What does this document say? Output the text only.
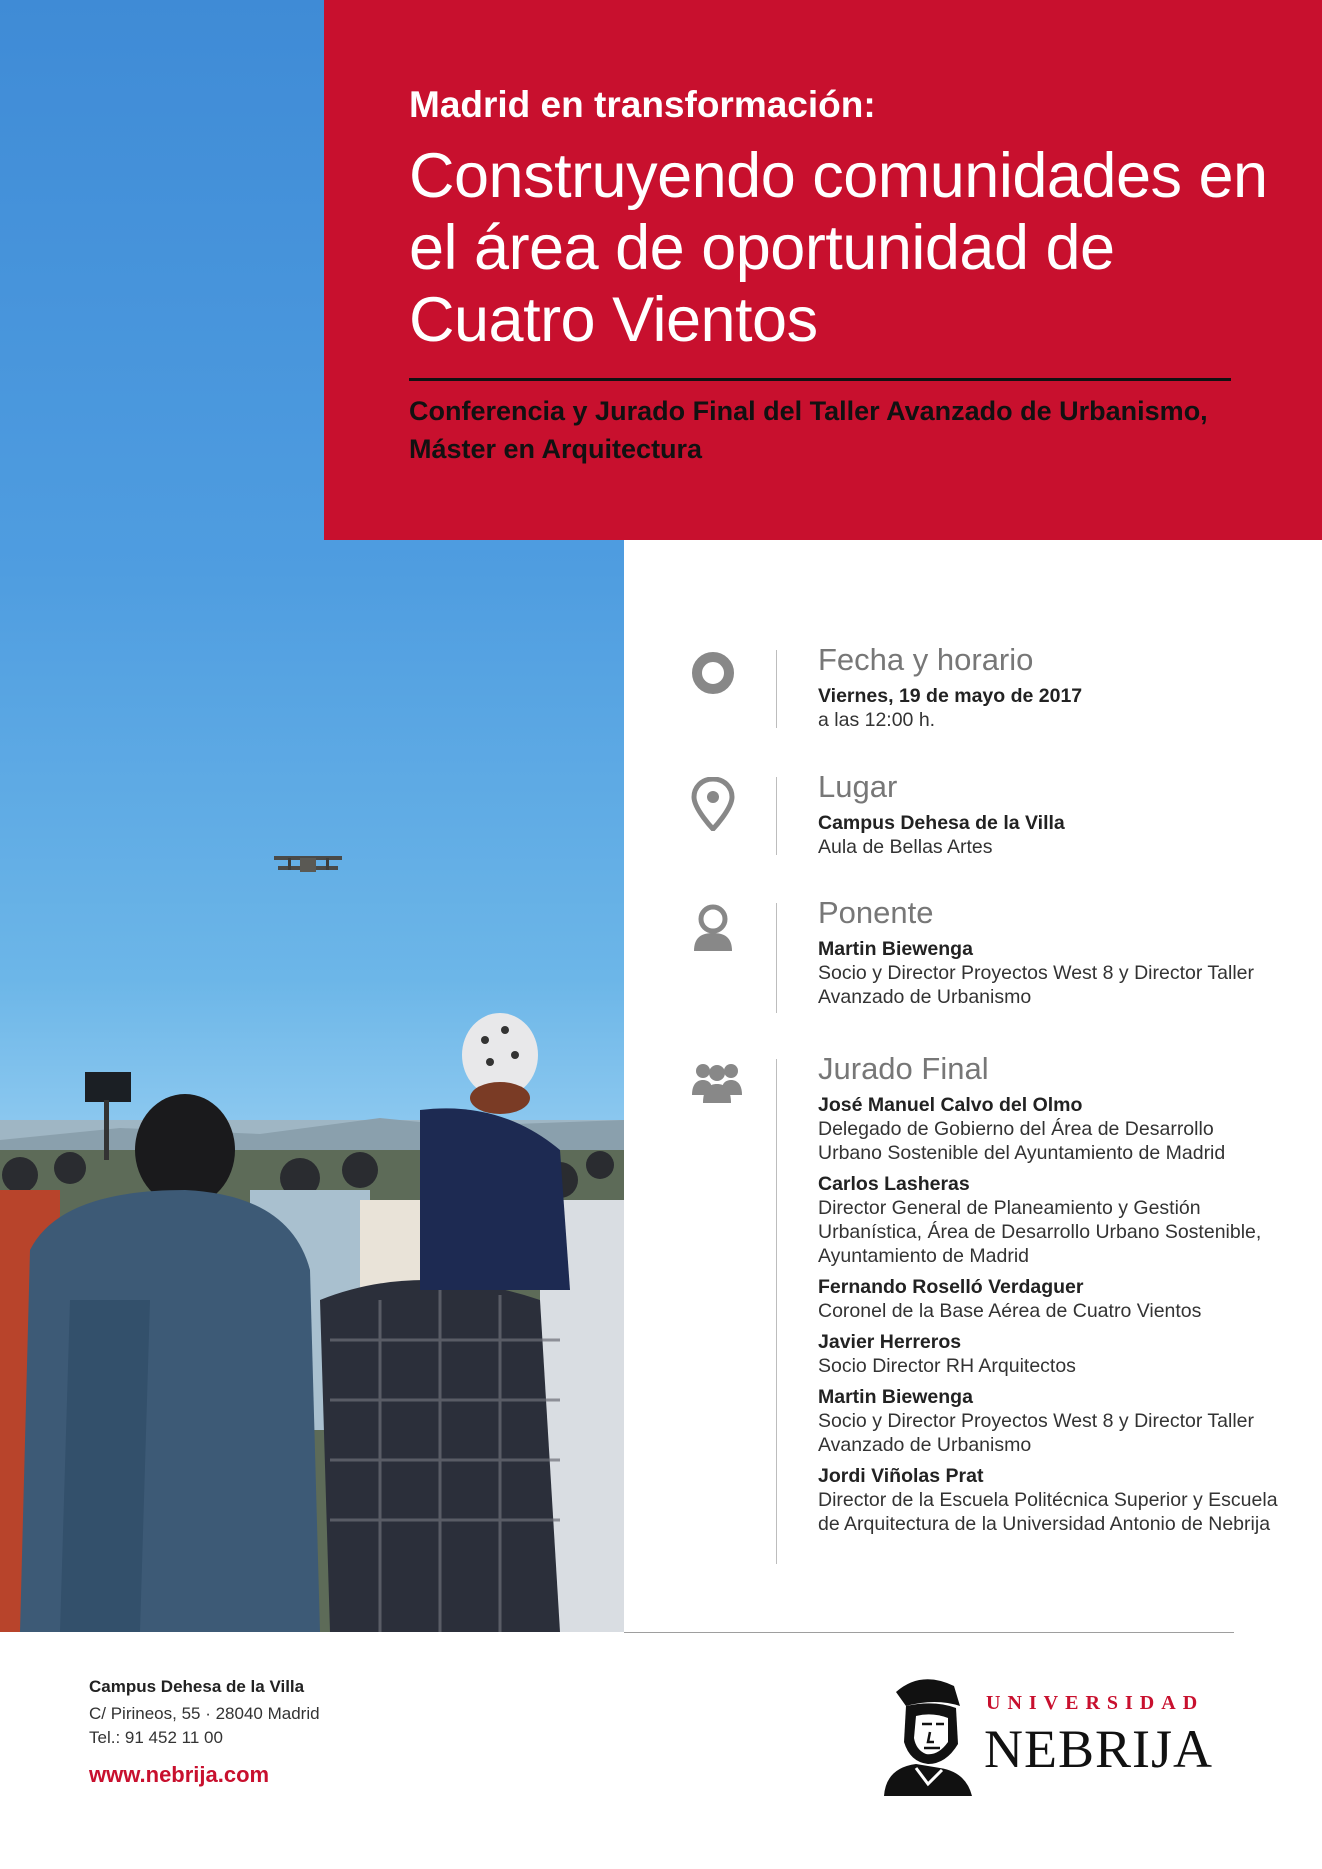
Madrid en transformación:
Construyendo comunidades en el área de oportunidad de Cuatro Vientos
Conferencia y Jurado Final del Taller Avanzado de Urbanismo, Máster en Arquitectura
Fecha y horario
Viernes, 19 de mayo de 2017
a las 12:00 h.
Lugar
Campus Dehesa de la Villa
Aula de Bellas Artes
Ponente
Martin Biewenga
Socio y Director Proyectos West 8 y Director Taller Avanzado de Urbanismo
Jurado Final
José Manuel Calvo del Olmo
Delegado de Gobierno del Área de Desarrollo Urbano Sostenible del Ayuntamiento de Madrid
Carlos Lasheras
Director General de Planeamiento y Gestión Urbanística, Área de Desarrollo Urbano Sostenible, Ayuntamiento de Madrid
Fernando Roselló Verdaguer
Coronel de la Base Aérea de Cuatro Vientos
Javier Herreros
Socio Director RH Arquitectos
Martin Biewenga
Socio y Director Proyectos West 8 y Director Taller Avanzado de Urbanismo
Jordi Viñolas Prat
Director de la Escuela Politécnica Superior y Escuela de Arquitectura de la Universidad Antonio de Nebrija
Campus Dehesa de la Villa
C/ Pirineos, 55 · 28040 Madrid
Tel.: 91 452 11 00
www.nebrija.com
UNIVERSIDAD
NEBRIJA
